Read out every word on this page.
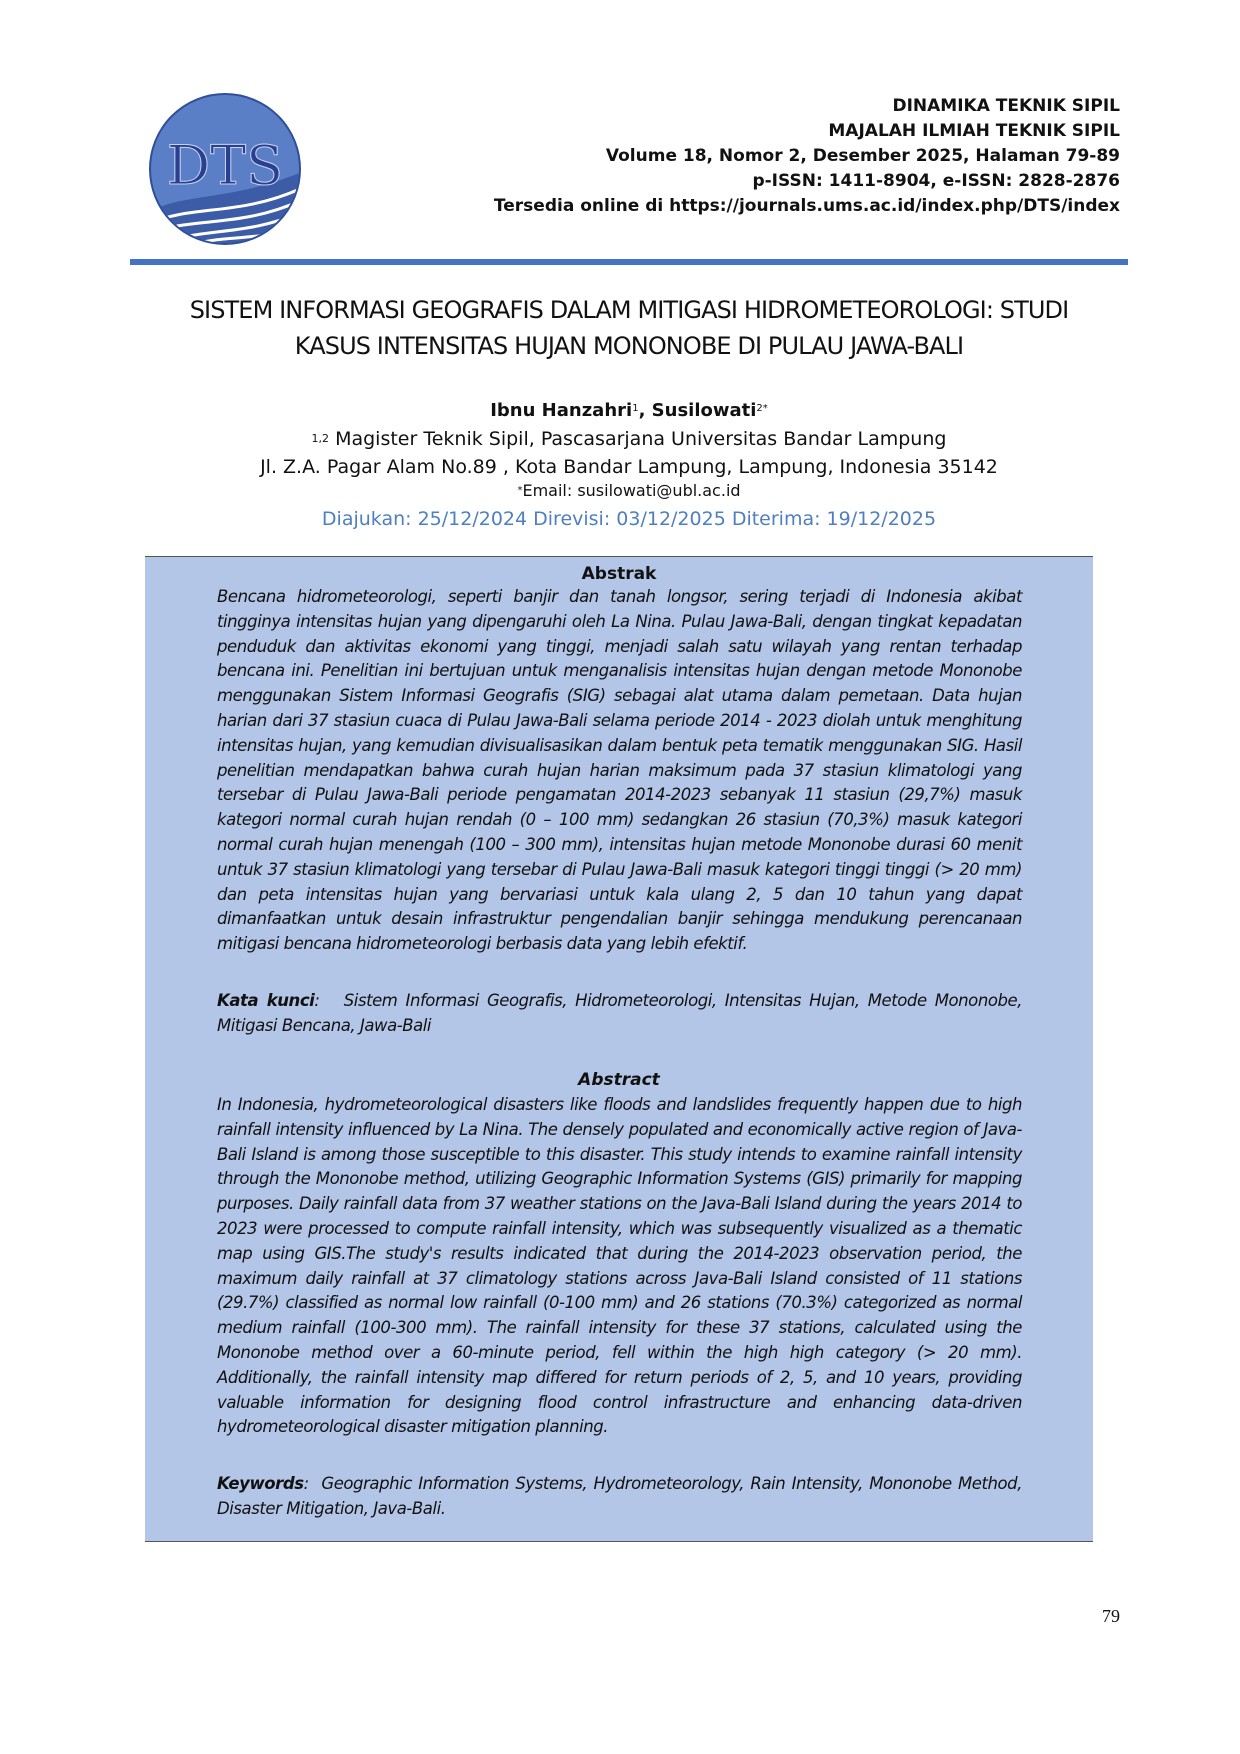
DTS
DINAMIKA TEKNIK SIPIL
MAJALAH ILMIAH TEKNIK SIPIL
Volume 18, Nomor 2, Desember 2025, Halaman 79-89
p-ISSN: 1411-8904, e-ISSN: 2828-2876
Tersedia online di https://journals.ums.ac.id/index.php/DTS/index
SISTEM INFORMASI GEOGRAFIS DALAM MITIGASI HIDROMETEOROLOGI: STUDI
KASUS INTENSITAS HUJAN MONONOBE DI PULAU JAWA-BALI
Ibnu Hanzahri$^1$, Susilowati$^{2*}$
$^{1,2}$ Magister Teknik Sipil, Pascasarjana Universitas Bandar Lampung
Jl. Z.A. Pagar Alam No.89 , Kota Bandar Lampung, Lampung, Indonesia 35142
*Email: susilowati@ubl.ac.id
Diajukan: 25/12/2024 Direvisi: 03/12/2025 Diterima: 19/12/2025
Abstrak
Bencana hidrometeorologi, seperti banjir dan tanah longsor, sering terjadi di Indonesia akibat tingginya intensitas hujan yang dipengaruhi oleh La Nina. Pulau Jawa-Bali, dengan tingkat kepadatan penduduk dan aktivitas ekonomi yang tinggi, menjadi salah satu wilayah yang rentan terhadap bencana ini. Penelitian ini bertujuan untuk menganalisis intensitas hujan dengan metode Mononobe menggunakan Sistem Informasi Geografis (SIG) sebagai alat utama dalam pemetaan. Data hujan harian dari 37 stasiun cuaca di Pulau Jawa-Bali selama periode 2014 - 2023 diolah untuk menghitung intensitas hujan, yang kemudian divisualisasikan dalam bentuk peta tematik menggunakan SIG. Hasil penelitian mendapatkan bahwa curah hujan harian maksimum pada 37 stasiun klimatologi yang tersebar di Pulau Jawa-Bali periode pengamatan 2014-2023 sebanyak 11 stasiun (29,7%) masuk kategori normal curah hujan rendah (0 – 100 mm) sedangkan 26 stasiun (70,3%) masuk kategori normal curah hujan menengah (100 – 300 mm), intensitas hujan metode Mononobe durasi 60 menit untuk 37 stasiun klimatologi yang tersebar di Pulau Jawa-Bali masuk kategori tinggi tinggi (> 20 mm) dan peta intensitas hujan yang bervariasi untuk kala ulang 2, 5 dan 10 tahun yang dapat dimanfaatkan untuk desain infrastruktur pengendalian banjir sehingga mendukung perencanaan mitigasi bencana hidrometeorologi berbasis data yang lebih efektif.
Kata kunci:   Sistem Informasi Geografis, Hidrometeorologi, Intensitas Hujan, Metode Mononobe, Mitigasi Bencana, Jawa-Bali
Abstract
In Indonesia, hydrometeorological disasters like floods and landslides frequently happen due to high rainfall intensity influenced by La Nina. The densely populated and economically active region of Java-Bali Island is among those susceptible to this disaster. This study intends to examine rainfall intensity through the Mononobe method, utilizing Geographic Information Systems (GIS) primarily for mapping purposes. Daily rainfall data from 37 weather stations on the Java-Bali Island during the years 2014 to 2023 were processed to compute rainfall intensity, which was subsequently visualized as a thematic map using GIS.The study's results indicated that during the 2014-2023 observation period, the maximum daily rainfall at 37 climatology stations across Java-Bali Island consisted of 11 stations (29.7%) classified as normal low rainfall (0-100 mm) and 26 stations (70.3%) categorized as normal medium rainfall (100-300 mm). The rainfall intensity for these 37 stations, calculated using the Mononobe method over a 60-minute period, fell within the high high category (> 20 mm). Additionally, the rainfall intensity map differed for return periods of 2, 5, and 10 years, providing valuable information for designing flood control infrastructure and enhancing data-driven hydrometeorological disaster mitigation planning.
Keywords:  Geographic Information Systems, Hydrometeorology, Rain Intensity, Mononobe Method, Disaster Mitigation, Java-Bali.
79
